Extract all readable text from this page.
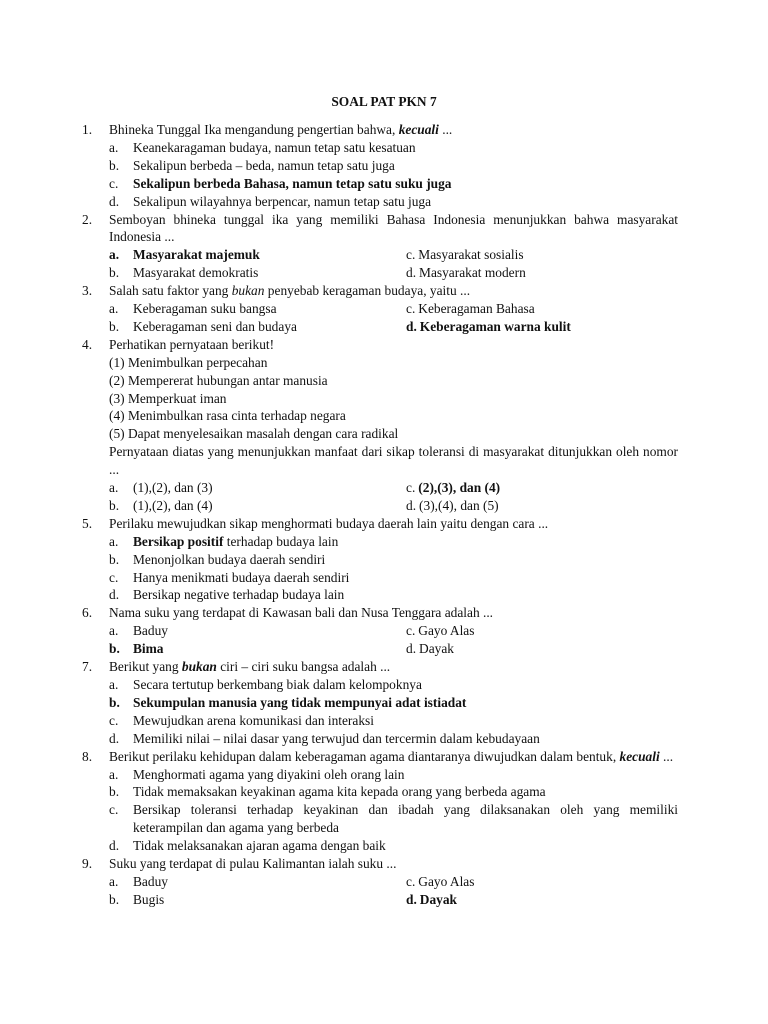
SOAL PAT PKN 7
1. Bhineka Tunggal Ika mengandung pengertian bahwa, kecuali ...
a. Keanekaragaman budaya, namun tetap satu kesatuan
b. Sekalipun berbeda – beda, namun tetap satu juga
c. Sekalipun berbeda Bahasa, namun tetap satu suku juga
d. Sekalipun wilayahnya berpencar, namun tetap satu juga
2. Semboyan bhineka tunggal ika yang memiliki Bahasa Indonesia menunjukkan bahwa masyarakat Indonesia ...
a. Masyarakat majemuk	c. Masyarakat sosialis
b. Masyarakat demokratis	d. Masyarakat modern
3. Salah satu faktor yang bukan penyebab keragaman budaya, yaitu ...
a. Keberagaman suku bangsa	c. Keberagaman Bahasa
b. Keberagaman seni dan budaya	d. Keberagaman warna kulit
4. Perhatikan pernyataan berikut!
(1) Menimbulkan perpecahan
(2) Mempererat hubungan antar manusia
(3) Memperkuat iman
(4) Menimbulkan rasa cinta terhadap negara
(5) Dapat menyelesaikan masalah dengan cara radikal
Pernyataan diatas yang menunjukkan manfaat dari sikap toleransi di masyarakat ditunjukkan oleh nomor ...
a. (1),(2), dan (3)	c. (2),(3), dan (4)
b. (1),(2), dan (4)	d. (3),(4), dan (5)
5. Perilaku mewujudkan sikap menghormati budaya daerah lain yaitu dengan cara ...
a. Bersikap positif terhadap budaya lain
b. Menonjolkan budaya daerah sendiri
c. Hanya menikmati budaya daerah sendiri
d. Bersikap negative terhadap budaya lain
6. Nama suku yang terdapat di Kawasan bali dan Nusa Tenggara adalah ...
a. Baduy	c. Gayo Alas
b. Bima	d. Dayak
7. Berikut yang bukan ciri – ciri suku bangsa adalah ...
a. Secara tertutup berkembang biak dalam kelompoknya
b. Sekumpulan manusia yang tidak mempunyai adat istiadat
c. Mewujudkan arena komunikasi dan interaksi
d. Memiliki nilai – nilai dasar yang terwujud dan tercermin dalam kebudayaan
8. Berikut perilaku kehidupan dalam keberagaman agama diantaranya diwujudkan dalam bentuk, kecuali ...
a. Menghormati agama yang diyakini oleh orang lain
b. Tidak memaksakan keyakinan agama kita kepada orang yang berbeda agama
c. Bersikap toleransi terhadap keyakinan dan ibadah yang dilaksanakan oleh yang memiliki keterampilan dan agama yang berbeda
d. Tidak melaksanakan ajaran agama dengan baik
9. Suku yang terdapat di pulau Kalimantan ialah suku ...
a. Baduy	c. Gayo Alas
b. Bugis	d. Dayak
